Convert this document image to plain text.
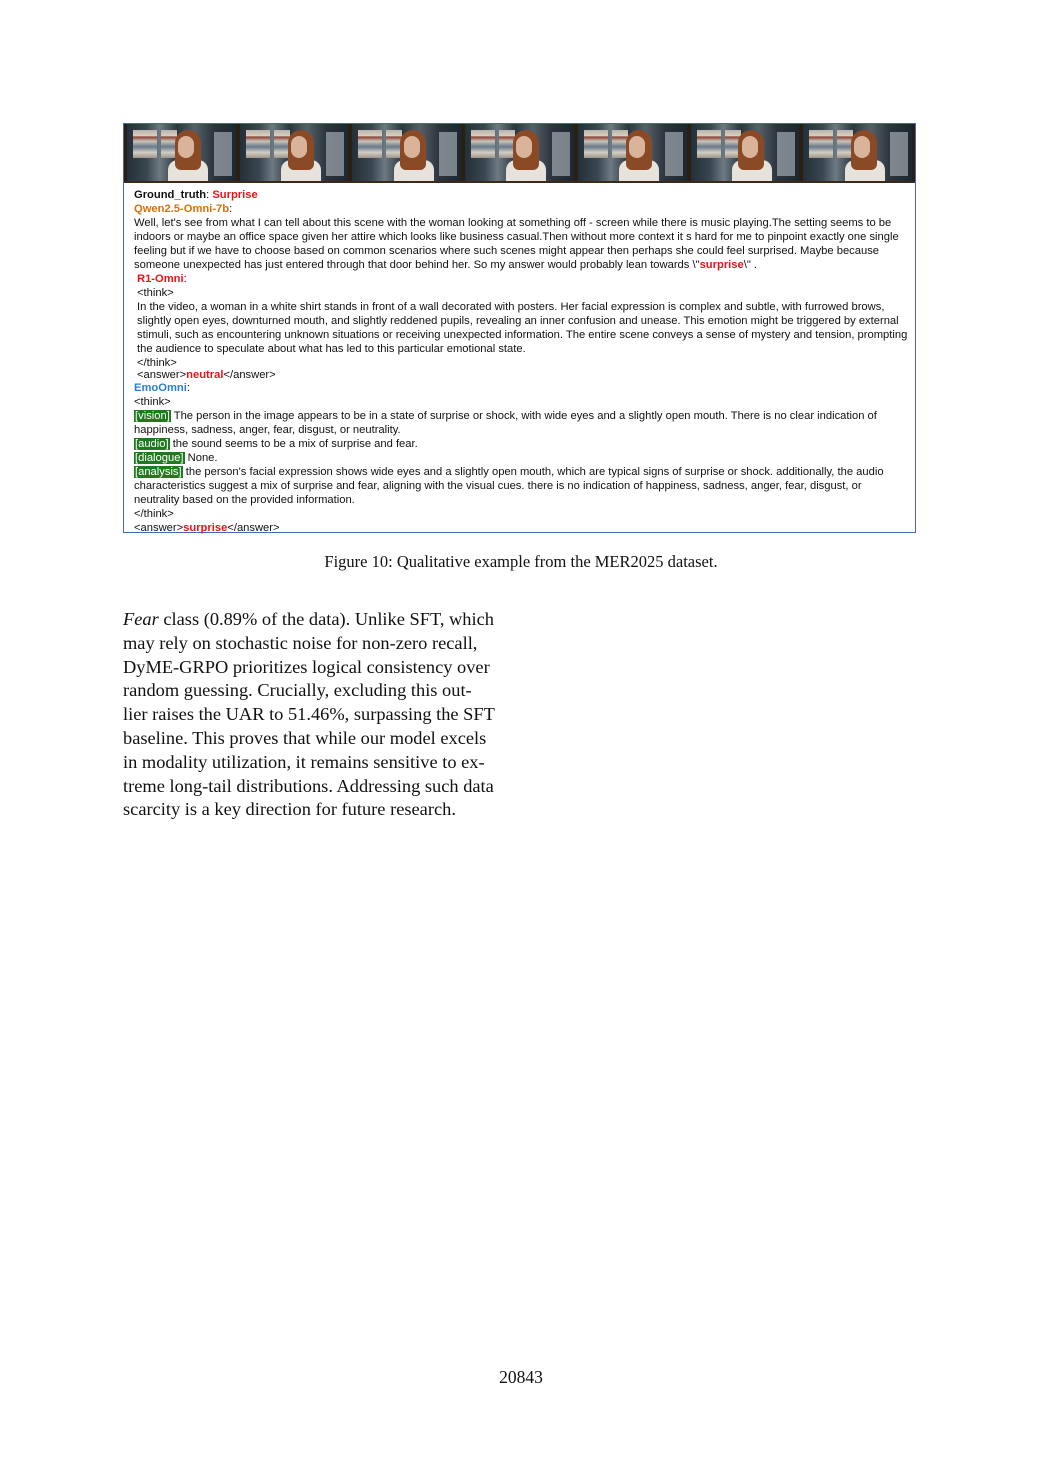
Ground_truth: Surprise

Qwen2.5-Omni-7b:

Well, let's see from what I can tell about this scene with the woman looking at something off - screen while there is music playing.The setting seems to be indoors or maybe an office space given her attire which looks like business casual.Then without more context it s hard for me to pinpoint exactly one single feeling but if we have to choose based on common scenarios where such scenes might appear then perhaps she could feel surprised. Maybe because someone unexpected has just entered through that door behind her. So my answer would probably lean towards \"surprise\" .

R1-Omni:

<think>

In the video, a woman in a white shirt stands in front of a wall decorated with posters. Her facial expression is complex and subtle, with furrowed brows, slightly open eyes, downturned mouth, and slightly reddened pupils, revealing an inner confusion and unease. This emotion might be triggered by external stimuli, such as encountering unknown situations or receiving unexpected information. The entire scene conveys a sense of mystery and tension, prompting the audience to speculate about what has led to this particular emotional state.

</think>

<answer>neutral</answer>

EmoOmni:

<think>

[vision] The person in the image appears to be in a state of surprise or shock, with wide eyes and a slightly open mouth. There is no clear indication of happiness, sadness, anger, fear, disgust, or neutrality.

[audio] the sound seems to be a mix of surprise and fear.

[dialogue] None.

[analysis] the person's facial expression shows wide eyes and a slightly open mouth, which are typical signs of surprise or shock. additionally, the audio characteristics suggest a mix of surprise and fear, aligning with the visual cues. there is no indication of happiness, sadness, anger, fear, disgust, or neutrality based on the provided information.

</think>

<answer>surprise</answer>

Figure 10: Qualitative example from the MER2025 dataset.
Fear class (0.89% of the data). Unlike SFT, which
may rely on stochastic noise for non-zero recall,
DyME-GRPO prioritizes logical consistency over
random guessing. Crucially, excluding this out-
lier raises the UAR to 51.46%, surpassing the SFT
baseline. This proves that while our model excels
in modality utilization, it remains sensitive to ex-
treme long-tail distributions. Addressing such data
scarcity is a key direction for future research.
20843
